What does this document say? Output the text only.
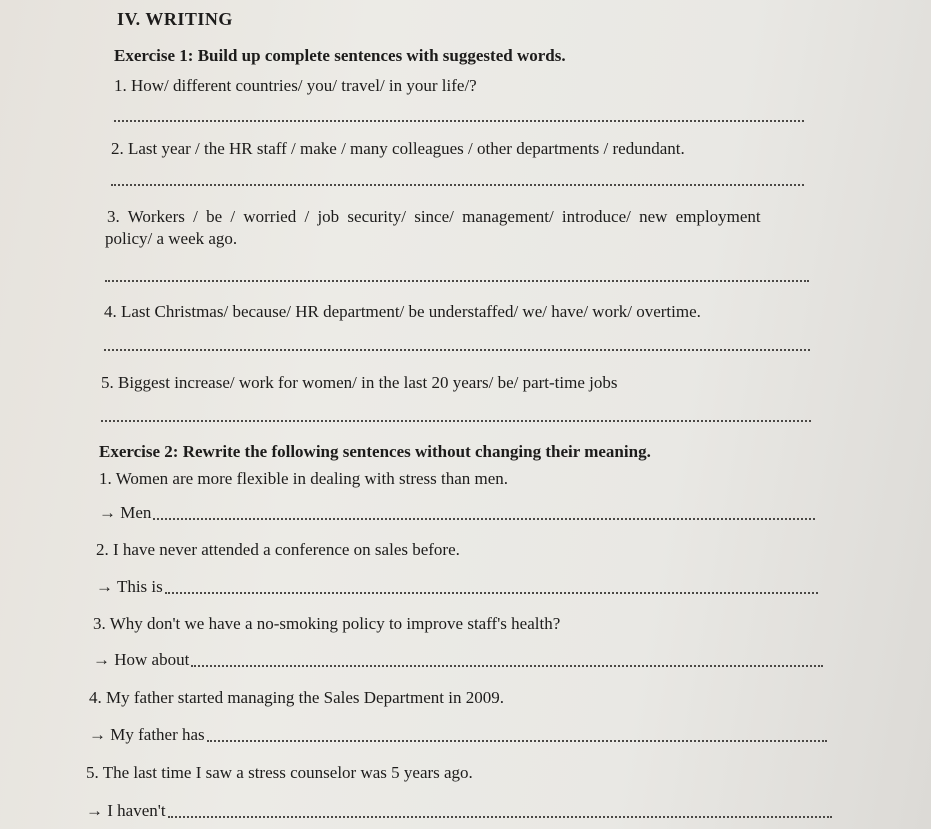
IV. WRITING
Exercise 1: Build up complete sentences with suggested words.
1. How/ different countries/ you/ travel/ in your life/?
2. Last year / the HR staff / make / many colleagues / other departments / redundant.
3. Workers / be / worried / job security/ since/ management/ introduce/ new employment
policy/ a week ago.
4. Last Christmas/ because/ HR department/ be understaffed/ we/ have/ work/ overtime.
5. Biggest increase/ work for women/ in the last 20 years/ be/ part-time jobs
Exercise 2: Rewrite the following sentences without changing their meaning.
1. Women are more flexible in dealing with stress than men.
→ Men
2. I have never attended a conference on sales before.
→ This is
3. Why don't we have a no-smoking policy to improve staff's health?
→ How about
4. My father started managing the Sales Department in 2009.
→ My father has
5. The last time I saw a stress counselor was 5 years ago.
→ I haven't
